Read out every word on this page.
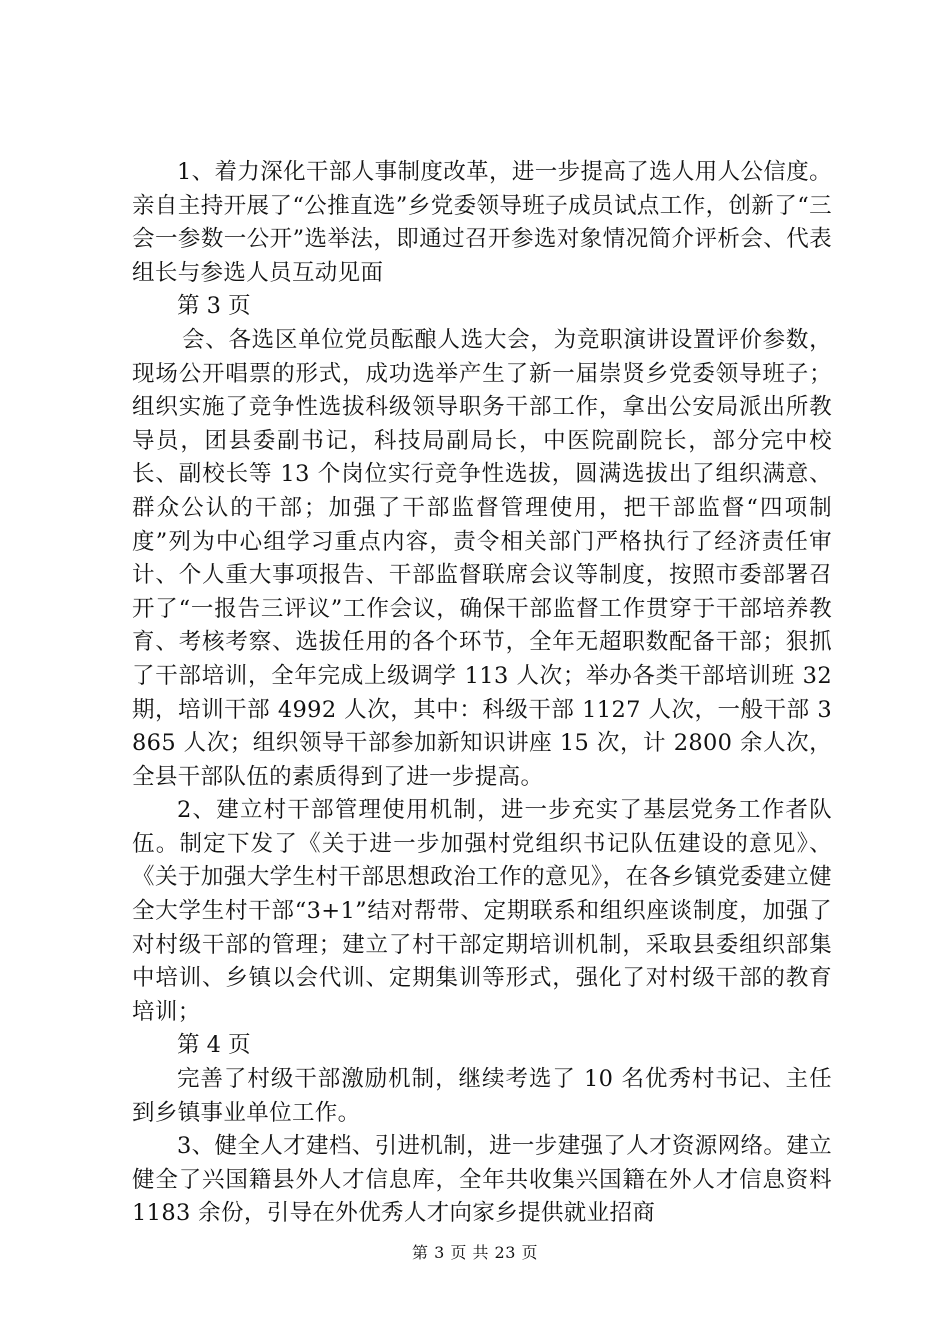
1、着力深化干部人事制度改革，进一步提高了选人用人公信度。亲自主持开展了“公推直选”乡党委领导班子成员试点工作，创新了“三会一参数一公开”选举法，即通过召开参选对象情况简介评析会、代表组长与参选人员互动见面

第 3 页

会、各选区单位党员酝酿人选大会，为竞职演讲设置评价参数，现场公开唱票的形式，成功选举产生了新一届崇贤乡党委领导班子；组织实施了竞争性选拔科级领导职务干部工作，拿出公安局派出所教导员，团县委副书记，科技局副局长，中医院副院长，部分完中校长、副校长等 13 个岗位实行竞争性选拔，圆满选拔出了组织满意、群众公认的干部；加强了干部监督管理使用，把干部监督“四项制度”列为中心组学习重点内容，责令相关部门严格执行了经济责任审计、个人重大事项报告、干部监督联席会议等制度，按照市委部署召开了“一报告三评议”工作会议，确保干部监督工作贯穿于干部培养教育、考核考察、选拔任用的各个环节，全年无超职数配备干部；狠抓了干部培训，全年完成上级调学 113 人次；举办各类干部培训班 32 期，培训干部 4992 人次，其中：科级干部 1127 人次，一般干部 3865 人次；组织领导干部参加新知识讲座 15 次，计 2800 余人次，全县干部队伍的素质得到了进一步提高。

2、建立村干部管理使用机制，进一步充实了基层党务工作者队伍。制定下发了《关于进一步加强村党组织书记队伍建设的意见》、《关于加强大学生村干部思想政治工作的意见》，在各乡镇党委建立健全大学生村干部“3+1”结对帮带、定期联系和组织座谈制度，加强了对村级干部的管理；建立了村干部定期培训机制，采取县委组织部集中培训、乡镇以会代训、定期集训等形式，强化了对村级干部的教育培训；

第 4 页

完善了村级干部激励机制，继续考选了 10 名优秀村书记、主任到乡镇事业单位工作。

3、健全人才建档、引进机制，进一步建强了人才资源网络。建立健全了兴国籍县外人才信息库，全年共收集兴国籍在外人才信息资料 1183 余份，引导在外优秀人才向家乡提供就业招商

第 3 页 共 23 页
